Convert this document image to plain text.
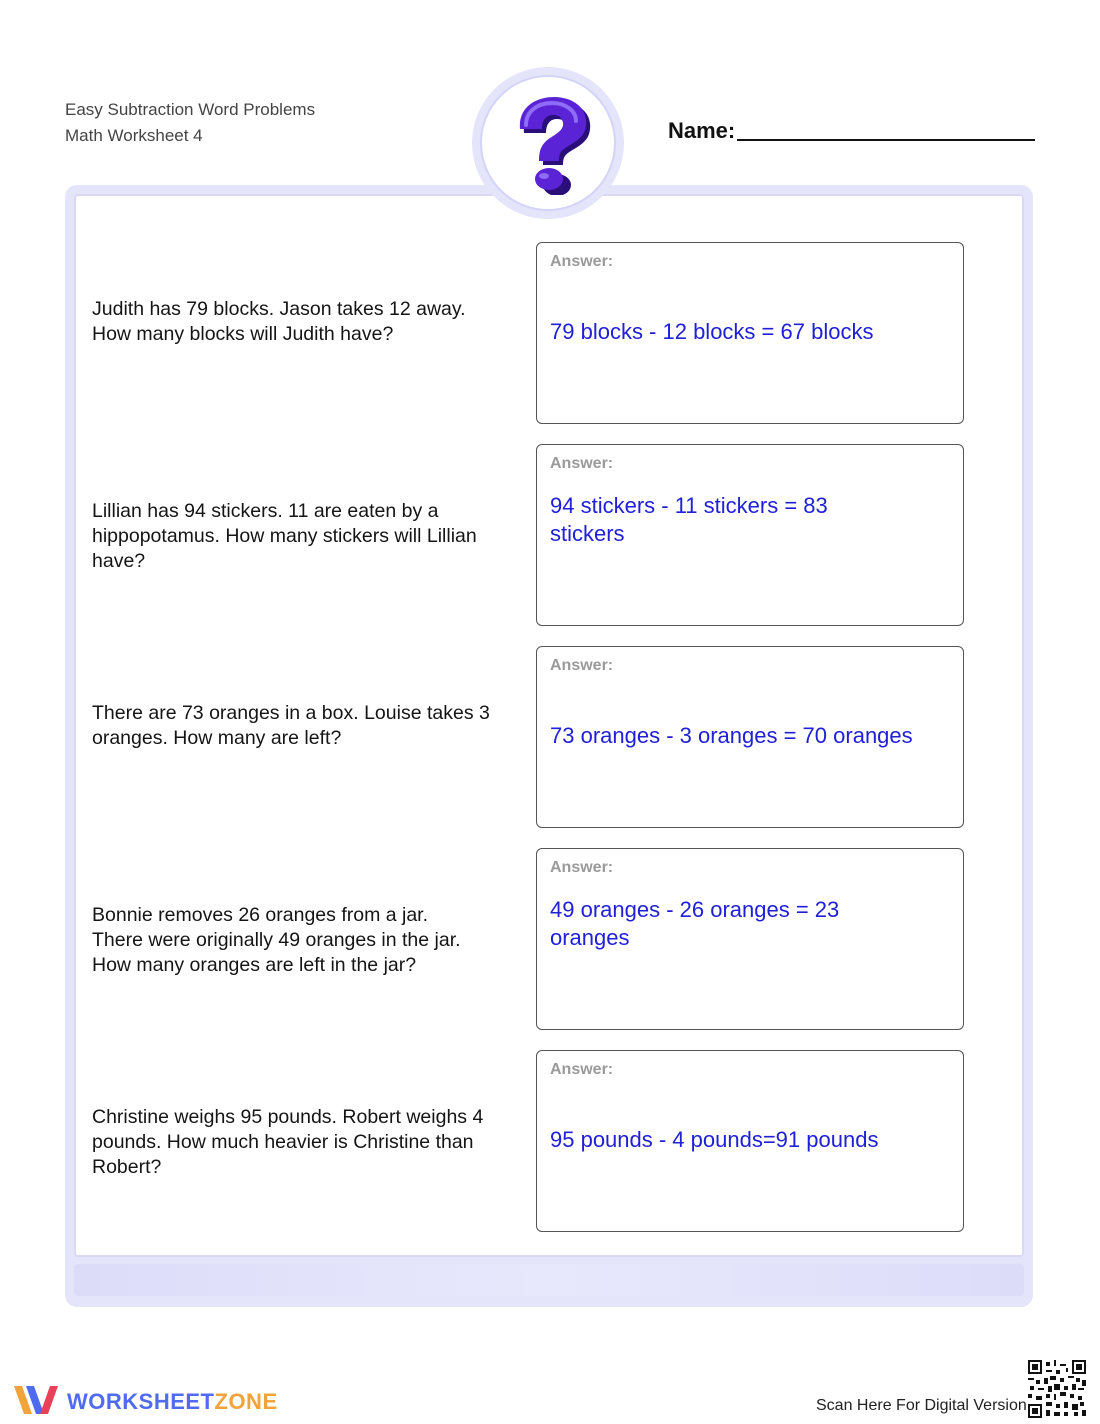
Easy Subtraction Word Problems
Math Worksheet 4	Name:
Judith has 79 blocks. Jason takes 12 away. How many blocks will Judith have?
Answer:
79 blocks - 12 blocks = 67 blocks
Lillian has 94 stickers. 11 are eaten by a hippopotamus. How many stickers will Lillian have?
Answer:
94 stickers - 11 stickers = 83 stickers
There are 73 oranges in a box. Louise takes 3 oranges. How many are left?
Answer:
73 oranges - 3 oranges = 70 oranges
Bonnie removes 26 oranges from a jar. There were originally 49 oranges in the jar. How many oranges are left in the jar?
Answer:
49 oranges - 26 oranges = 23 oranges
Christine weighs 95 pounds. Robert weighs 4 pounds. How much heavier is Christine than Robert?
Answer:
95 pounds - 4 pounds=91 pounds
WORKSHEETZONE	Scan Here For Digital Version
